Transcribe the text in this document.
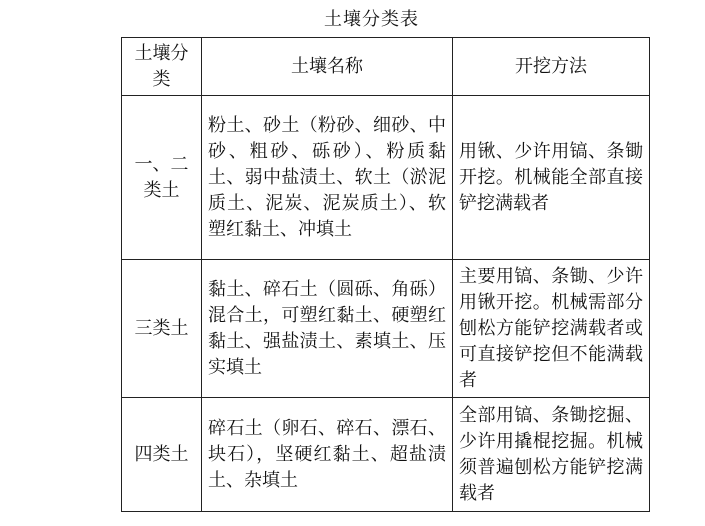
土壤分类表
土壤分类	土壤名称	开挖方法
一、二类土	粉土、砂土（粉砂、细砂、中砂、粗砂、砾砂）、粉质黏土、弱中盐渍土、软土（淤泥质土、泥炭、泥炭质土）、软塑红黏土、冲填土	用锹、少许用镐、条锄开挖。机械能全部直接铲挖满载者
三类土	黏土、碎石土（圆砾、角砾）混合土，可塑红黏土、硬塑红黏土、强盐渍土、素填土、压实填土	主要用镐、条锄、少许用锹开挖。机械需部分刨松方能铲挖满载者或可直接铲挖但不能满载者
四类土	碎石土（卵石、碎石、漂石、块石），坚硬红黏土、超盐渍土、杂填土	全部用镐、条锄挖掘、少许用撬棍挖掘。机械须普遍刨松方能铲挖满载者
